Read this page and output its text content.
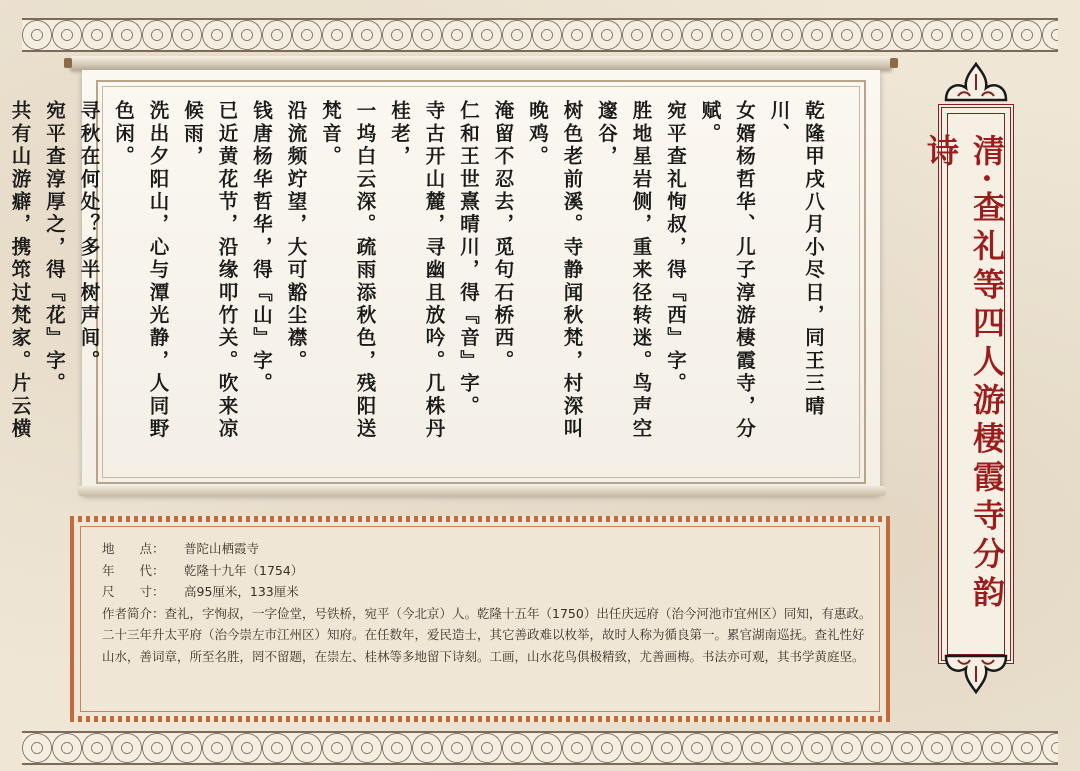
乾隆甲戌八月小尽日，同王三晴川、
女婿杨哲华、儿子淳游棲霞寺，分赋。
宛平查礼恂叔，得『西』字。
胜地星岩侧，重来径转迷。鸟声空邃谷，
树色老前溪。寺静闻秋梵，村深叫晚鸡。
淹留不忍去，觅句石桥西。
仁和王世熹晴川，得『音』字。
寺古开山麓，寻幽且放吟。几株丹桂老，
一坞白云深。疏雨添秋色，残阳送梵音。
沿流频竚望，大可豁尘襟。
钱唐杨华哲华，得『山』字。
已近黄花节，沿缘叩竹关。吹来凉候雨，
洗出夕阳山，心与潭光静，人同野色闲。
寻秋在何处？多半树声间。
宛平查淳厚之，得『花』字。
共有山游癖，携筇过梵家。片云横	清·查礼等四人游棲霞寺分韵诗
地　　点：	普陀山栖霞寺
年　　代：	乾隆十九年（1754）
尺　　寸：	高95厘米，133厘米
作者简介：查礼，字恂叔，一字俭堂，号铁桥，宛平（今北京）人。乾隆十五年（1750）出任庆远府（治今河池市宜州区）同知，有惠政。二十三年升太平府（治今崇左市江州区）知府。在任数年，爱民造士，其它善政难以枚举，故时人称为循良第一。累官湖南巡抚。查礼性好山水，善词章，所至名胜，罔不留题，在崇左、桂林等多地留下诗刻。工画，山水花鸟俱极精致，尤善画梅。书法亦可观，其书学黄庭坚。
